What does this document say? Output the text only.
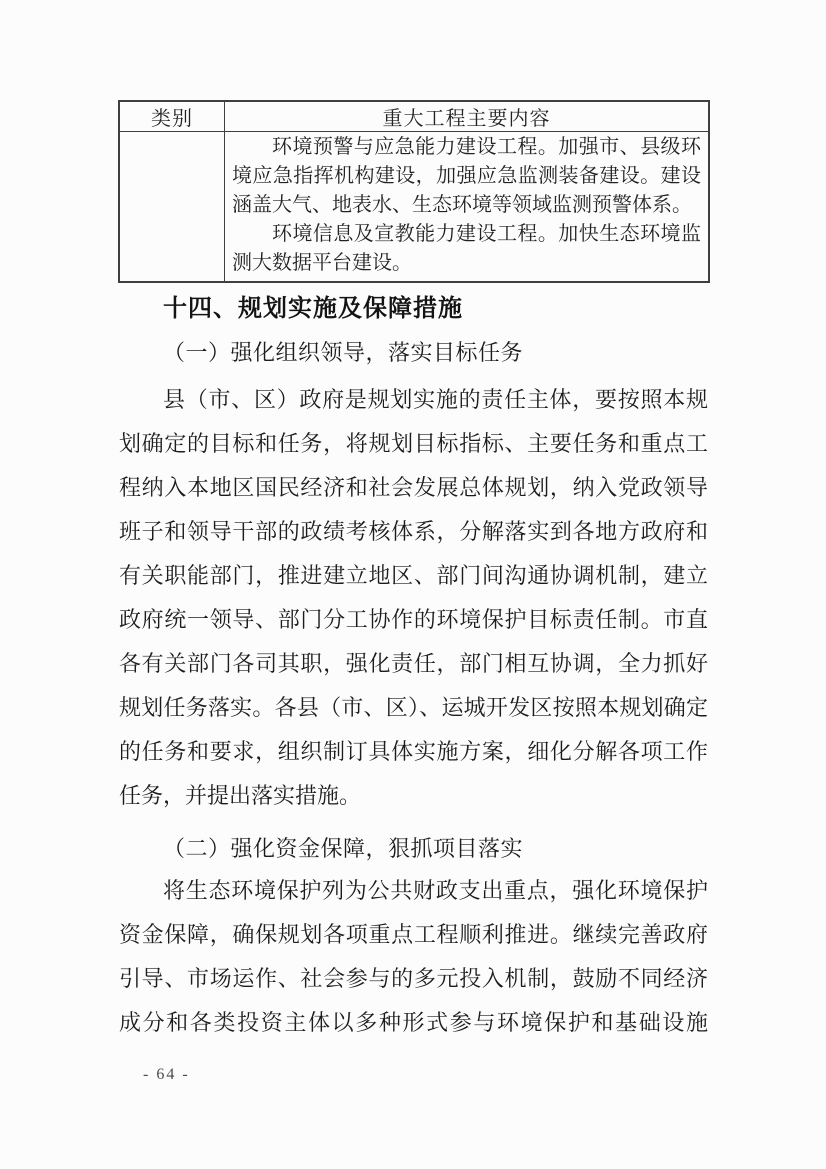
类别	重大工程主要内容

	环境预警与应急能力建设工程。加强市、县级环境应急指挥机构建设，加强应急监测装备建设。建设涵盖大气、地表水、生态环境等领域监测预警体系。

环境信息及宣教能力建设工程。加快生态环境监测大数据平台建设。

十四、规划实施及保障措施
（一）强化组织领导，落实目标任务

县（市、区）政府是规划实施的责任主体，要按照本规划确定的目标和任务，将规划目标指标、主要任务和重点工程纳入本地区国民经济和社会发展总体规划，纳入党政领导班子和领导干部的政绩考核体系，分解落实到各地方政府和有关职能部门，推进建立地区、部门间沟通协调机制，建立政府统一领导、部门分工协作的环境保护目标责任制。市直各有关部门各司其职，强化责任，部门相互协调，全力抓好规划任务落实。各县（市、区）、运城开发区按照本规划确定的任务和要求，组织制订具体实施方案，细化分解各项工作任务，并提出落实措施。

（二）强化资金保障，狠抓项目落实

将生态环境保护列为公共财政支出重点，强化环境保护资金保障，确保规划各项重点工程顺利推进。继续完善政府引导、市场运作、社会参与的多元投入机制，鼓励不同经济成分和各类投资主体以多种形式参与环境保护和基础设施

- 64 -
